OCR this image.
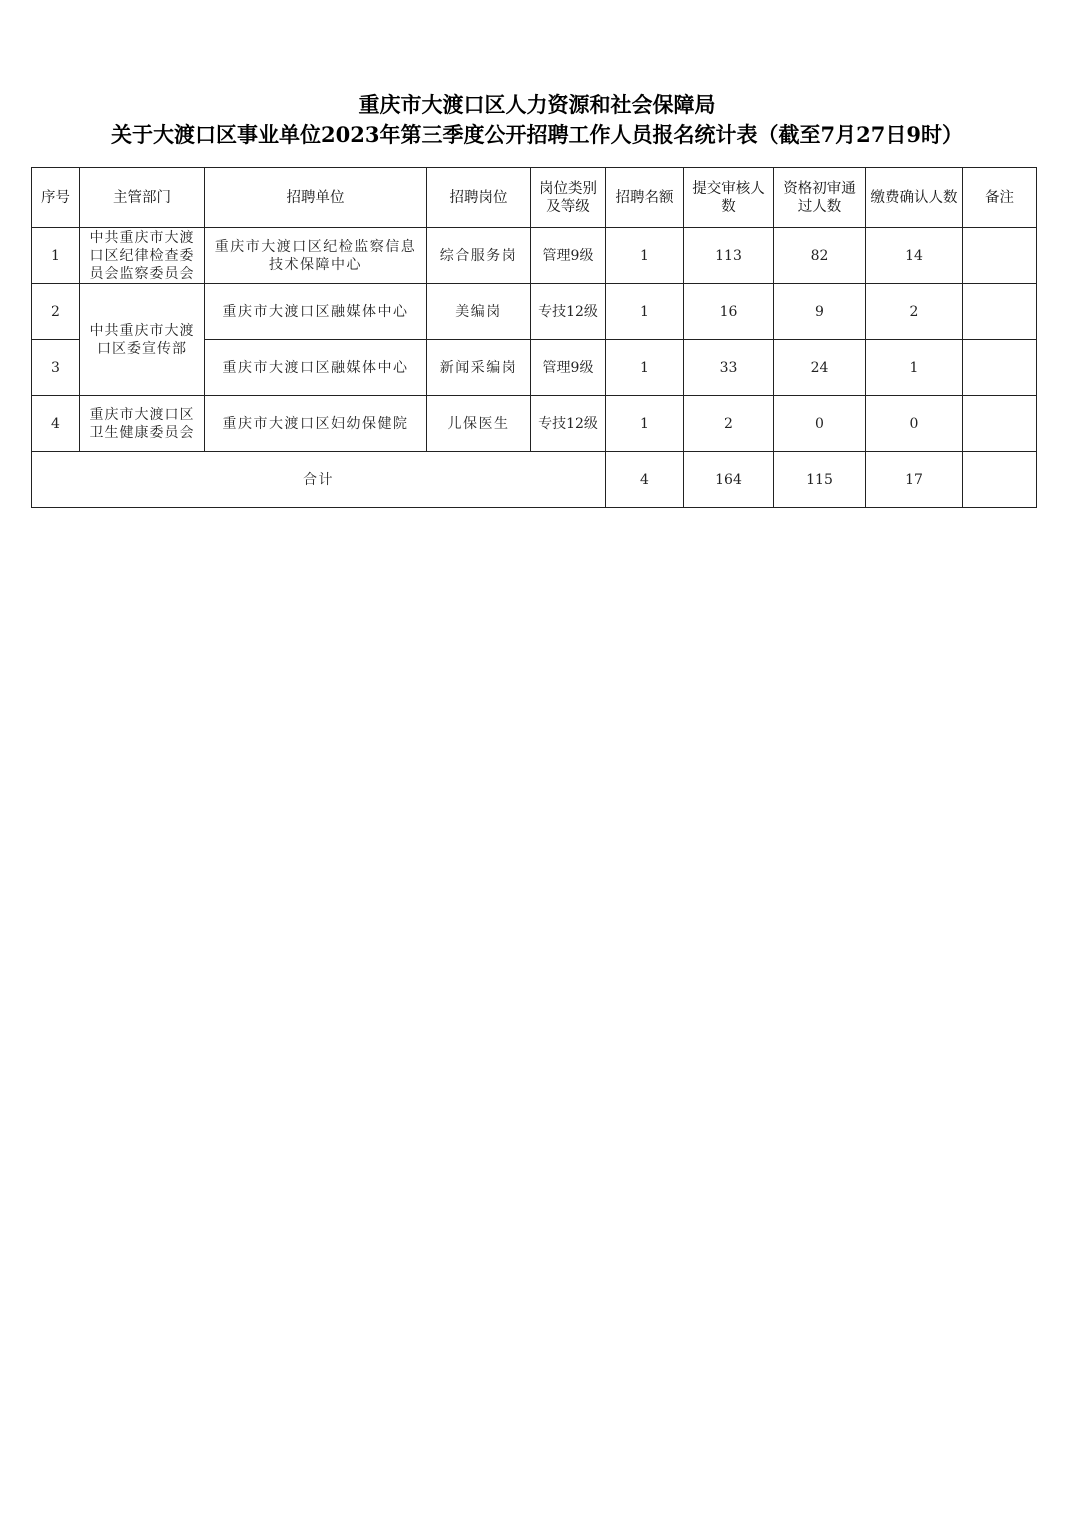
重庆市大渡口区人力资源和社会保障局
关于大渡口区事业单位2023年第三季度公开招聘工作人员报名统计表（截至7月27日9时）
序号	主管部门	招聘单位	招聘岗位	岗位类别及等级	招聘名额	提交审核人数	资格初审通过人数	缴费确认人数	备注
1	中共重庆市大渡口区纪律检查委员会监察委员会	重庆市大渡口区纪检监察信息技术保障中心	综合服务岗	管理9级	1	113	82	14	
2	中共重庆市大渡口区委宣传部	重庆市大渡口区融媒体中心	美编岗	专技12级	1	16	9	2	
3		重庆市大渡口区融媒体中心	新闻采编岗	管理9级	1	33	24	1	
4	重庆市大渡口区卫生健康委员会	重庆市大渡口区妇幼保健院	儿保医生	专技12级	1	2	0	0	
合计					4	164	115	17	
